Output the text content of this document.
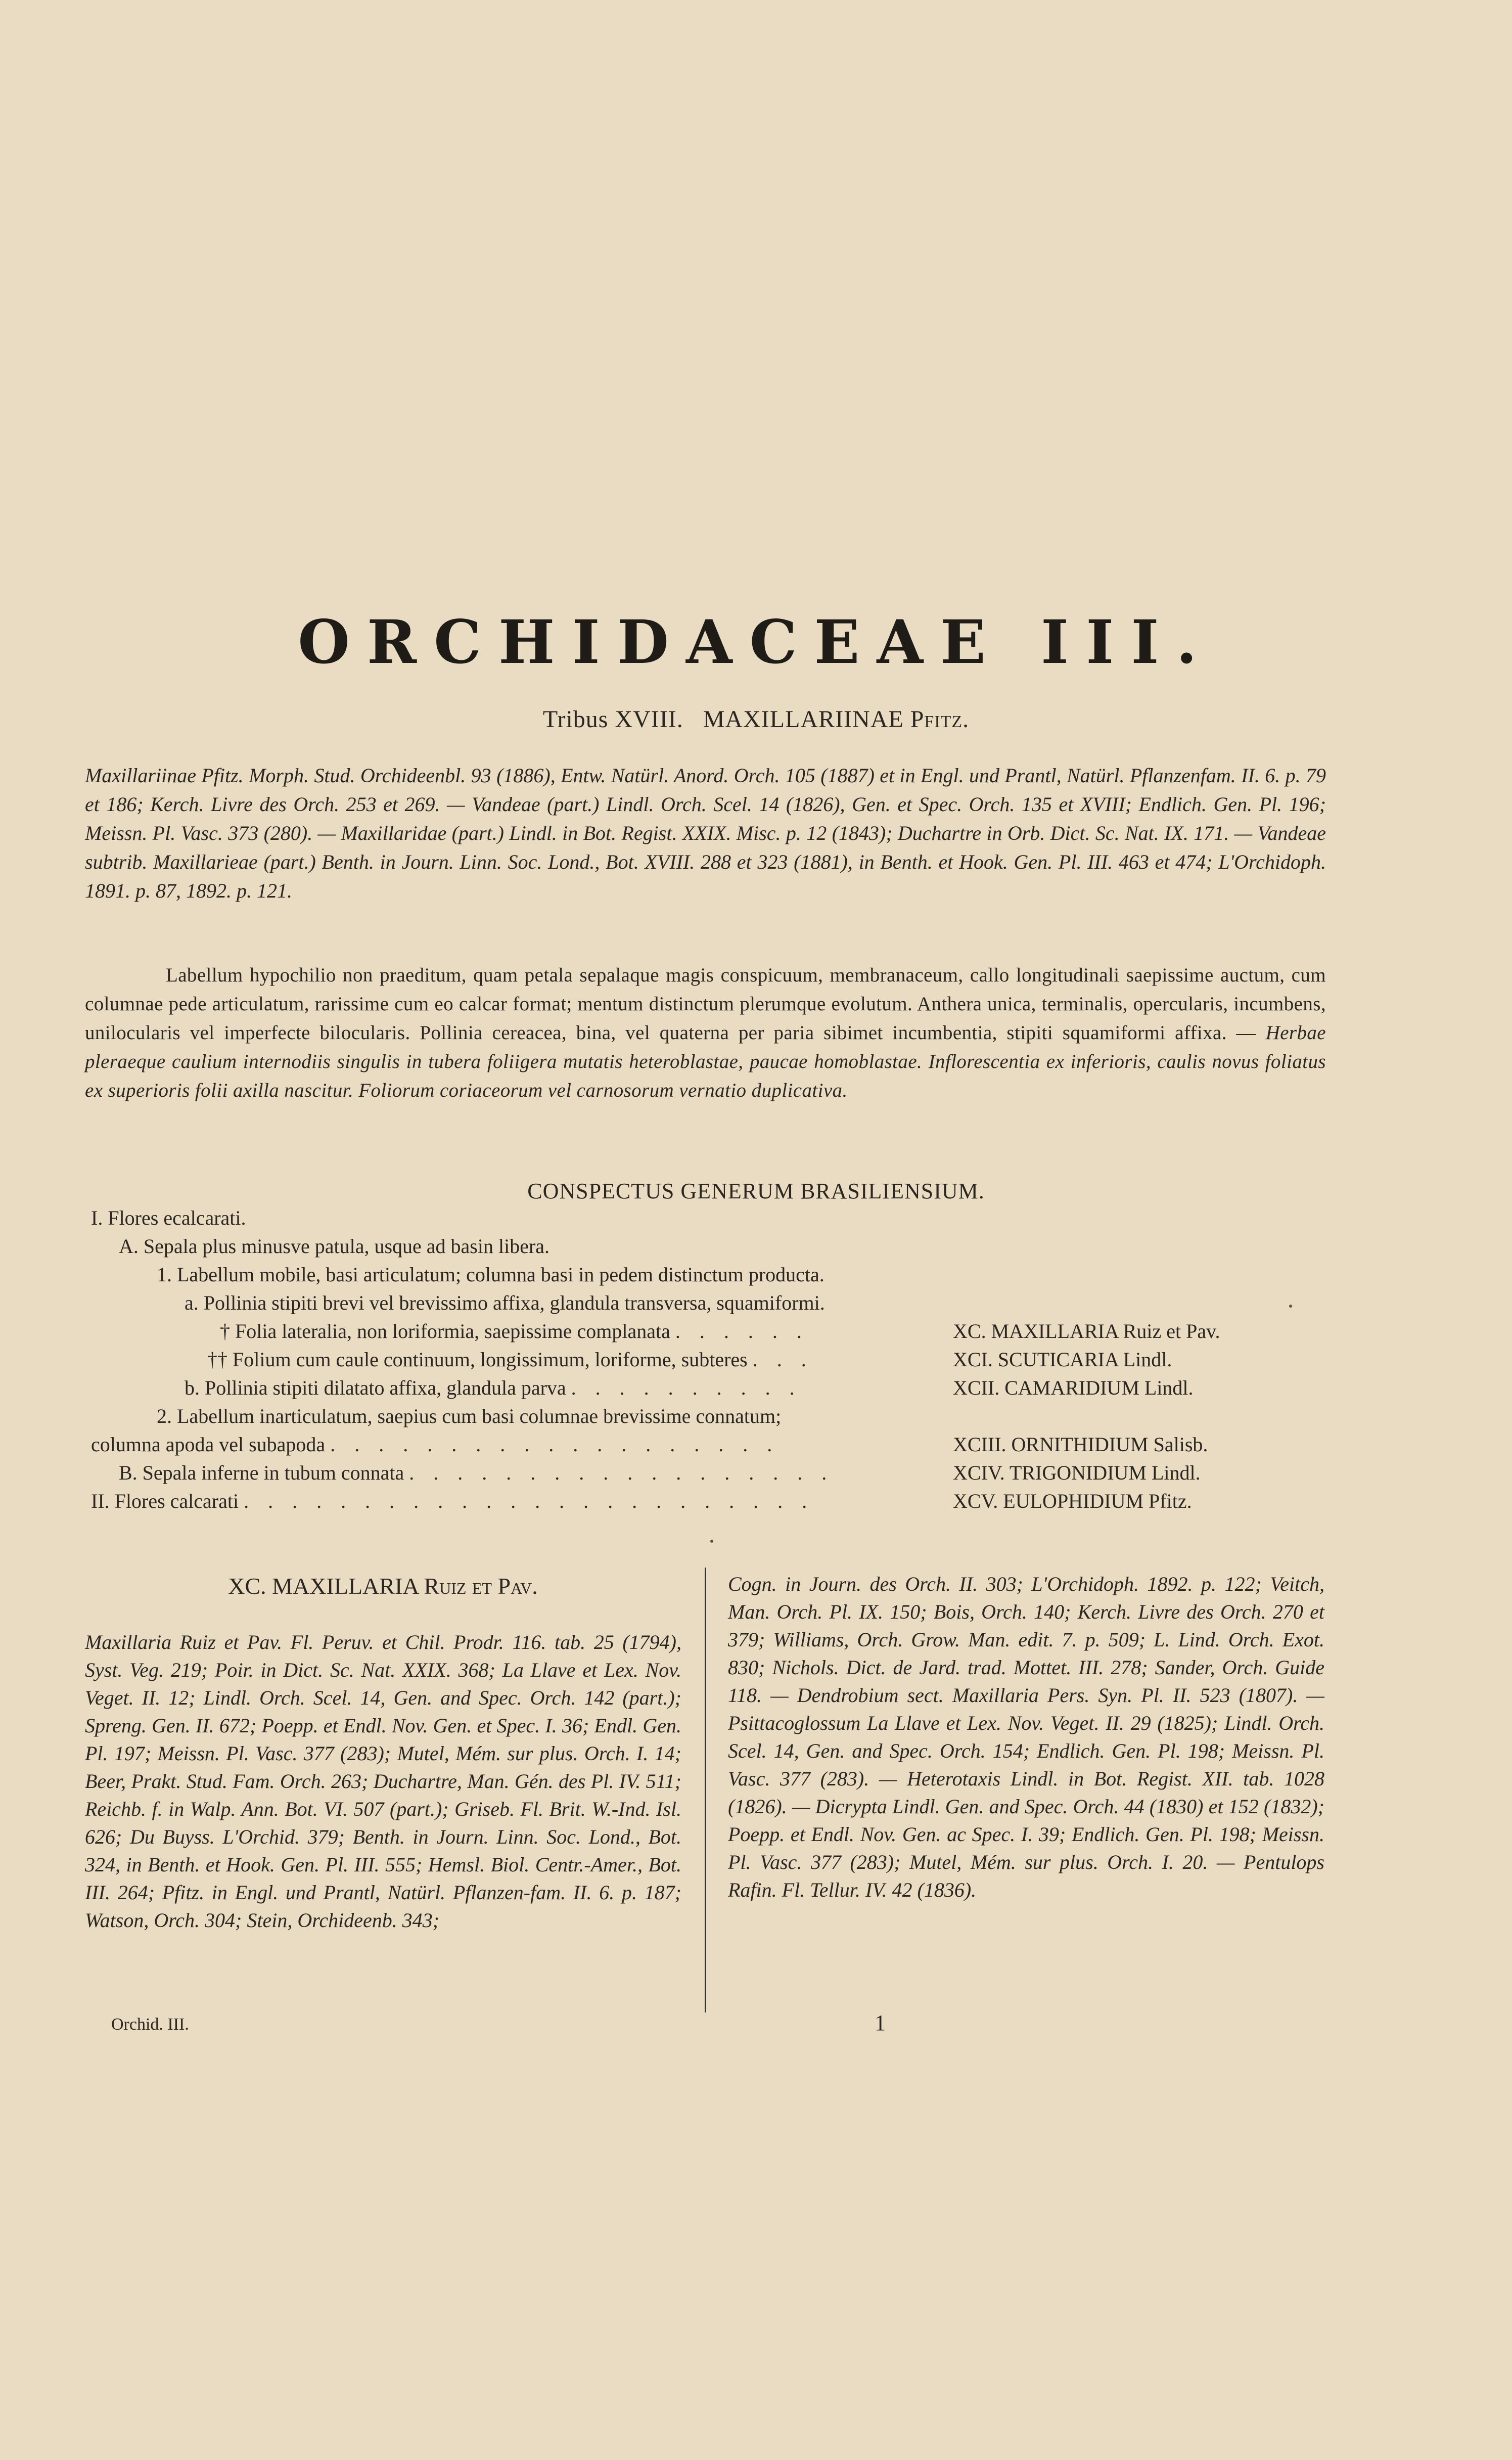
ORCHIDACEAE III.
Tribus XVIII. MAXILLARIINAE Pfitz.
Maxillariinae Pfitz. Morph. Stud. Orchideenbl. 93 (1886), Entw. Natürl. Anord. Orch. 105 (1887) et in Engl. und Prantl, Natürl. Pflanzenfam. II. 6. p. 79 et 186; Kerch. Livre des Orch. 253 et 269. — Vandeae (part.) Lindl. Orch. Scel. 14 (1826), Gen. et Spec. Orch. 135 et XVIII; Endlich. Gen. Pl. 196; Meissn. Pl. Vasc. 373 (280). — Maxillaridae (part.) Lindl. in Bot. Regist. XXIX. Misc. p. 12 (1843); Duchartre in Orb. Dict. Sc. Nat. IX. 171. — Vandeae subtrib. Maxillarieae (part.) Benth. in Journ. Linn. Soc. Lond., Bot. XVIII. 288 et 323 (1881), in Benth. et Hook. Gen. Pl. III. 463 et 474; L'Orchidoph. 1891. p. 87, 1892. p. 121.
Labellum hypochilio non praeditum, quam petala sepalaque magis conspicuum, membranaceum, callo longitudinali saepissime auctum, cum columnae pede articulatum, rarissime cum eo calcar format; mentum distinctum plerumque evolutum. Anthera unica, terminalis, opercularis, incumbens, unilocularis vel imperfecte bilocularis. Pollinia cereacea, bina, vel quaterna per paria sibimet incumbentia, stipiti squamiformi affixa. — Herbae pleraeque caulium internodiis singulis in tubera foliigera mutatis heteroblastae, paucae homoblastae. Inflorescentia ex inferioris, caulis novus foliatus ex superioris folii axilla nascitur. Foliorum coriaceorum vel carnosorum vernatio duplicativa.
CONSPECTUS GENERUM BRASILIENSIUM.
I. Flores ecalcarati.
A. Sepala plus minusve patula, usque ad basin libera.
1. Labellum mobile, basi articulatum; columna basi in pedem distinctum producta.
a. Pollinia stipiti brevi vel brevissimo affixa, glandula transversa, squamiformi.
† Folia lateralia, non loriformia, saepissime complanata . . . . . .	XC. MAXILLARIA Ruiz et Pav.
†† Folium cum caule continuum, longissimum, loriforme, subteres . . .	XCI. SCUTICARIA Lindl.
b. Pollinia stipiti dilatato affixa, glandula parva . . . . . . . . . .	XCII. CAMARIDIUM Lindl.
2. Labellum inarticulatum, saepius cum basi columnae brevissime connatum;
columna apoda vel subapoda . . . . . . . . . . . . . . . . . . .	XCIII. ORNITHIDIUM Salisb.
B. Sepala inferne in tubum connata . . . . . . . . . . . . . . . . . .	XCIV. TRIGONIDIUM Lindl.
II. Flores calcarati . . . . . . . . . . . . . . . . . . . . . . . .	XCV. EULOPHIDIUM Pfitz.
XC. MAXILLARIA Ruiz et Pav.
Maxillaria Ruiz et Pav. Fl. Peruv. et Chil. Prodr. 116. tab. 25 (1794), Syst. Veg. 219; Poir. in Dict. Sc. Nat. XXIX. 368; La Llave et Lex. Nov. Veget. II. 12; Lindl. Orch. Scel. 14, Gen. and Spec. Orch. 142 (part.); Spreng. Gen. II. 672; Poepp. et Endl. Nov. Gen. et Spec. I. 36; Endl. Gen. Pl. 197; Meissn. Pl. Vasc. 377 (283); Mutel, Mém. sur plus. Orch. I. 14; Beer, Prakt. Stud. Fam. Orch. 263; Duchartre, Man. Gén. des Pl. IV. 511; Reichb. f. in Walp. Ann. Bot. VI. 507 (part.); Griseb. Fl. Brit. W.-Ind. Isl. 626; Du Buyss. L'Orchid. 379; Benth. in Journ. Linn. Soc. Lond., Bot. 324, in Benth. et Hook. Gen. Pl. III. 555; Hemsl. Biol. Centr.-Amer., Bot. III. 264; Pfitz. in Engl. und Prantl, Natürl. Pflanzen-fam. II. 6. p. 187; Watson, Orch. 304; Stein, Orchideenb. 343;
Cogn. in Journ. des Orch. II. 303; L'Orchidoph. 1892. p. 122; Veitch, Man. Orch. Pl. IX. 150; Bois, Orch. 140; Kerch. Livre des Orch. 270 et 379; Williams, Orch. Grow. Man. edit. 7. p. 509; L. Lind. Orch. Exot. 830; Nichols. Dict. de Jard. trad. Mottet. III. 278; Sander, Orch. Guide 118. — Dendrobium sect. Maxillaria Pers. Syn. Pl. II. 523 (1807). — Psittacoglossum La Llave et Lex. Nov. Veget. II. 29 (1825); Lindl. Orch. Scel. 14, Gen. and Spec. Orch. 154; Endlich. Gen. Pl. 198; Meissn. Pl. Vasc. 377 (283). — Heterotaxis Lindl. in Bot. Regist. XII. tab. 1028 (1826). — Dicrypta Lindl. Gen. and Spec. Orch. 44 (1830) et 152 (1832); Poepp. et Endl. Nov. Gen. ac Spec. I. 39; Endlich. Gen. Pl. 198; Meissn. Pl. Vasc. 377 (283); Mutel, Mém. sur plus. Orch. I. 20. — Pentulops Rafin. Fl. Tellur. IV. 42 (1836).
Orchid. III.	1
